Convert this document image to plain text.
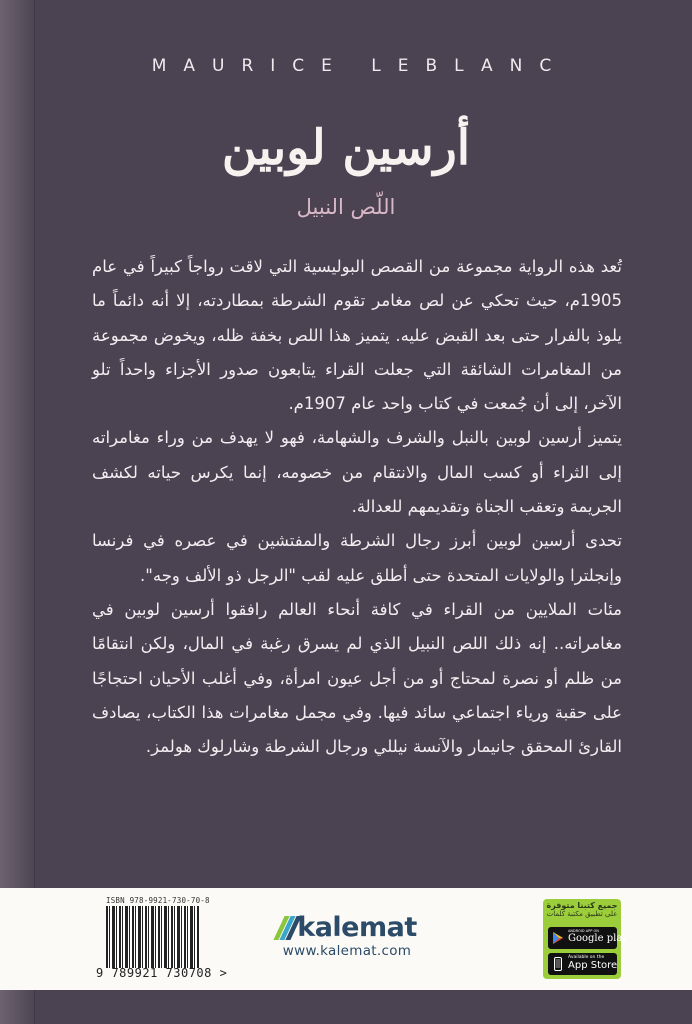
MAURICE LEBLANC
أرسين لوبين
اللّص النبيل

تُعد هذه الرواية مجموعة من القصص البوليسية التي لاقت رواجاً كبيراً في عام 1905م، حيث تحكي عن لص مغامر تقوم الشرطة بمطاردته، إلا أنه دائماً ما يلوذ بالفرار حتى بعد القبض عليه. يتميز هذا اللص بخفة ظله، ويخوض مجموعة من المغامرات الشائقة التي جعلت القراء يتابعون صدور الأجزاء واحداً تلو الآخر، إلى أن جُمعت في كتاب واحد عام 1907م.

يتميز أرسين لوبين بالنبل والشرف والشهامة، فهو لا يهدف من وراء مغامراته إلى الثراء أو كسب المال والانتقام من خصومه، إنما يكرس حياته لكشف الجريمة وتعقب الجناة وتقديمهم للعدالة.

تحدى أرسين لوبين أبرز رجال الشرطة والمفتشين في عصره في فرنسا وإنجلترا والولايات المتحدة حتى أطلق عليه لقب "الرجل ذو الألف وجه".

مئات الملايين من القراء في كافة أنحاء العالم رافقوا أرسين لوبين في مغامراته.. إنه ذلك اللص النبيل الذي لم يسرق رغبة في المال، ولكن انتقامًا من ظلم أو نصرة لمحتاج أو من أجل عيون امرأة، وفي أغلب الأحيان احتجاجًا على حقبة ورياء اجتماعي سائد فيها. وفي مجمل مغامرات هذا الكتاب، يصادف القارئ المحقق جانيمار والآنسة نيللي ورجال الشرطة وشارلوك هولمز.

ISBN 978-9921-730-70-8
9 789921 730708 >
kalemat
www.kalemat.com
جميع كتبنا متوفرة
على تطبيق مكتبة كلمات
ANDROID APP ON
Google play
Available on the
App Store
